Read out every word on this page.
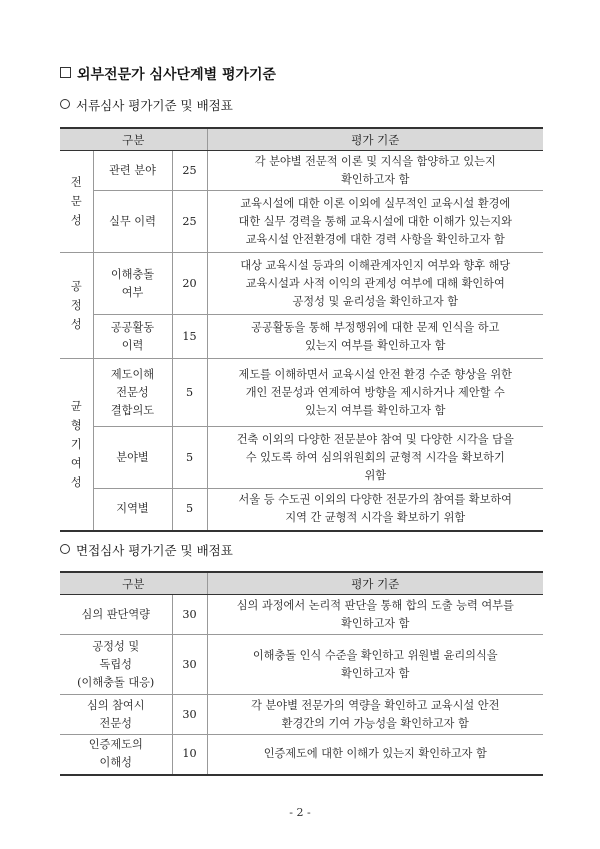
외부전문가 심사단계별 평가기준
서류심사 평가기준 및 배점표
구분			평가 기준
전
문
성	관련 분야	25	각 분야별 전문적 이론 및 지식을 함양하고 있는지
확인하고자 함
	실무 이력	25	교육시설에 대한 이론 이외에 실무적인 교육시설 환경에
대한 실무 경력을 통해 교육시설에 대한 이해가 있는지와
교육시설 안전환경에 대한 경력 사항을 확인하고자 함
공
정
성	이해충돌
여부	20	대상 교육시설 등과의 이해관계자인지 여부와 향후 해당
교육시설과 사적 이익의 관계성 여부에 대해 확인하여
공정성 및 윤리성을 확인하고자 함
	공공활동
이력	15	공공활동을 통해 부정행위에 대한 문제 인식을 하고
있는지 여부를 확인하고자 함
균
형
기
여
성	제도이해
전문성
결합의도	5	제도를 이해하면서 교육시설 안전 환경 수준 향상을 위한
개인 전문성과 연계하여 방향을 제시하거나 제안할 수
있는지 여부를 확인하고자 함
	분야별	5	건축 이외의 다양한 전문분야 참여 및 다양한 시각을 담을
수 있도록 하여 심의위원회의 균형적 시각을 확보하기
위함
	지역별	5	서울 등 수도권 이외의 다양한 전문가의 참여를 확보하여
지역 간 균형적 시각을 확보하기 위함
면접심사 평가기준 및 배점표
구분		평가 기준
심의 판단역량	30	심의 과정에서 논리적 판단을 통해 합의 도출 능력 여부를
확인하고자 함
공정성 및
독립성
(이해충돌 대응)	30	이해충돌 인식 수준을 확인하고 위원별 윤리의식을
확인하고자 함
심의 참여시
전문성	30	각 분야별 전문가의 역량을 확인하고 교육시설 안전
환경간의 기여 가능성을 확인하고자 함
인증제도의
이해성	10	인증제도에 대한 이해가 있는지 확인하고자 함
- 2 -
